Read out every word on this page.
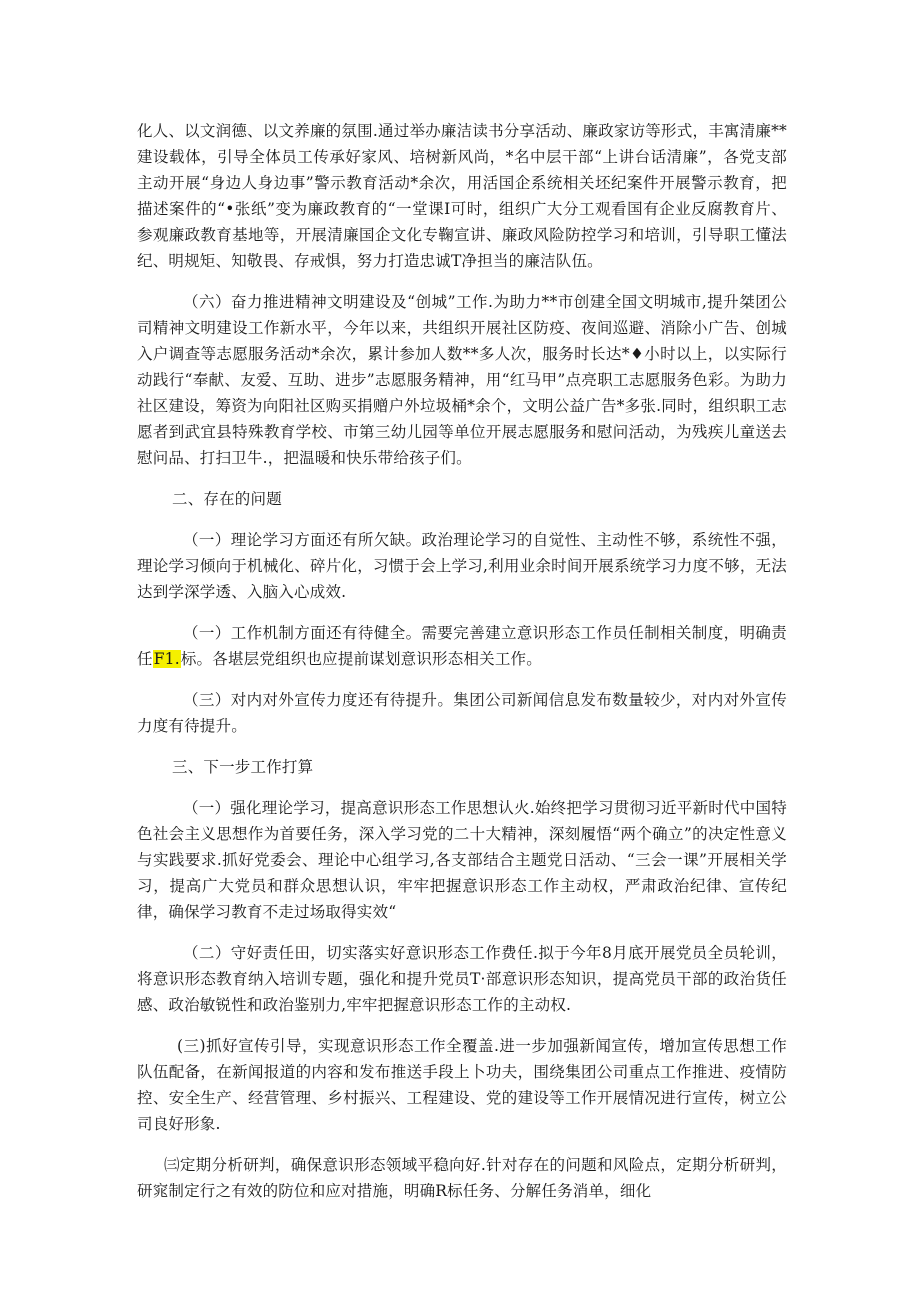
化人、以文润德、以文养廉的氛围.通过举办廉洁读书分享活动、廉政家访等形式，丰寓清廉**建设载体，引导全体员工传承好家风、培树新风尚，*名中层干部“上讲台话清廉”，各党支部主动开展“身边人身边事”警示教育活动*余次，用活国企系统相关坯纪案件开展警示教育，把描述案件的“•张纸”变为廉政教育的“一堂课I可时，组织广大分工观看国有企业反腐教育片、参观廉政教育基地等，开展清廉国企文化专鞠宣讲、廉政风险防控学习和培训，引导职工懂法纪、明规矩、知敬畏、存戒惧，努力打造忠诚T净担当的廉洁队伍。

（六）奋力推进精神文明建设及“创城”工作.为助力**市创建全国文明城市,提升桀团公司精神文明建设工作新水平，今年以来，共组织开展社区防疫、夜间巡避、消除小广告、创城入户调查等志愿服务活动*余次，累计参加人数**多人次，服务时长达*♦小时以上，以实际行动践行“奉献、友爱、互助、进步”志愿服务精神，用“红马甲”点亮职工志愿服务色彩。为助力社区建设，筹资为向阳社区购买捐赠户外垃圾桶*余个，文明公益广告*多张.同时，组织职工志愿者到武宜县特殊教育学校、市第三幼儿园等单位开展志愿服务和慰问活动，为残疾儿童送去慰问品、打扫卫牛.，把温暖和快乐带给孩子们。

二、存在的问题

（一）理论学习方面还有所欠缺。政治理论学习的自觉性、主动性不够，系统性不强，理论学习倾向于机械化、碎片化，习惯于会上学习,利用业余时间开展系统学习力度不够，无法达到学深学透、入脑入心成效.

（一）工作机制方面还有待健全。需要完善建立意识形态工作员任制相关制度，明确责任F1.标。各堪层党组织也应提前谋划意识形态相关工作。

（三）对内对外宣传力度还有待提升。集团公司新闻信息发布数量较少，对内对外宣传力度有待提升。

三、下一步工作打算

（一）强化理论学习，提高意识形态工作思想认火.始终把学习贯彻习近平新时代中国特色社会主义思想作为首要任务，深入学习党的二十大精神，深刻履悟“两个确立”的决定性意义与实践要求.抓好党委会、理论中心组学习,各支部结合主题党日活动、“三会一课”开展相关学习，提高广大党员和群众思想认识，牢牢把握意识形态工作主动权，严肃政治纪律、宣传纪律，确保学习教育不走过场取得实效“

（二）守好责任田，切实落实好意识形态工作费任.拟于今年8月底开展党员全员轮训，将意识形态教育纳入培训专题，强化和提升党员T·部意识形态知识，提高党员干部的政治货任感、政治敏锐性和政治鉴别力,牢牢把握意识形态工作的主动权.

(三)抓好宣传引导，实现意识形态工作全覆盖.进一步加强新闻宣传，增加宣传思想工作队伍配备，在新闻报道的内容和发布推送手段上卜功夫，围绕集团公司重点工作推进、疫情防控、安全生产、经营管理、乡村振兴、工程建设、党的建设等工作开展情况进行宣传，树立公司良好形象.

㈢定期分析研判，确保意识形态领域平稳向好.针对存在的问题和风险点，定期分析研判，研窕制定行之有效的防位和应对措施，明确R标任务、分解任务消单，细化
